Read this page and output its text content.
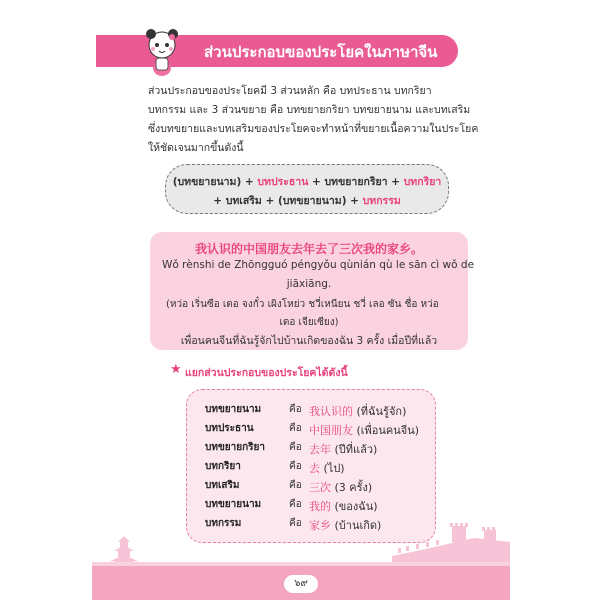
ส่วนประกอบของประโยคในภาษาจีน
ส่วนประกอบของประโยคมี 3 ส่วนหลัก คือ บทประธาน บทกริยา
บทกรรม และ 3 ส่วนขยาย คือ บทขยายกริยา บทขยายนาม และบทเสริม
ซึ่งบทขยายและบทเสริมของประโยคจะทำหน้าที่ขยายเนื้อความในประโยค
ให้ชัดเจนมากขึ้นดังนี้
(บทขยายนาม) + บทประธาน + บทขยายกริยา + บทกริยา
+ บทเสริม + (บทขยายนาม) + บทกรรม
我认识的中国朋友去年去了三次我的家乡。
Wǒ rènshi de Zhōngguó péngyǒu qùnián qù le sān cì wǒ de
jiāxiāng.
(หว่อ เริ่นซือ เตอ จงกั๋ว เผิงโหย่ว ชวี่เหนียน ชวี่ เลอ ซัน ชื่อ หว่อ
เตอ เจียเซียง)
เพื่อนคนจีนที่ฉันรู้จักไปบ้านเกิดของฉัน 3 ครั้ง เมื่อปีที่แล้ว
★ แยกส่วนประกอบของประโยคได้ดังนี้
บทขยายนาม	คือ 我认识的 (ที่ฉันรู้จัก)
บทประธาน	คือ 中国朋友 (เพื่อนคนจีน)
บทขยายกริยา	คือ 去年 (ปีที่แล้ว)
บทกริยา	คือ 去 (ไป)
บทเสริม	คือ 三次 (3 ครั้ง)
บทขยายนาม	คือ 我的 (ของฉัน)
บทกรรม	คือ 家乡 (บ้านเกิด)
๖๙
